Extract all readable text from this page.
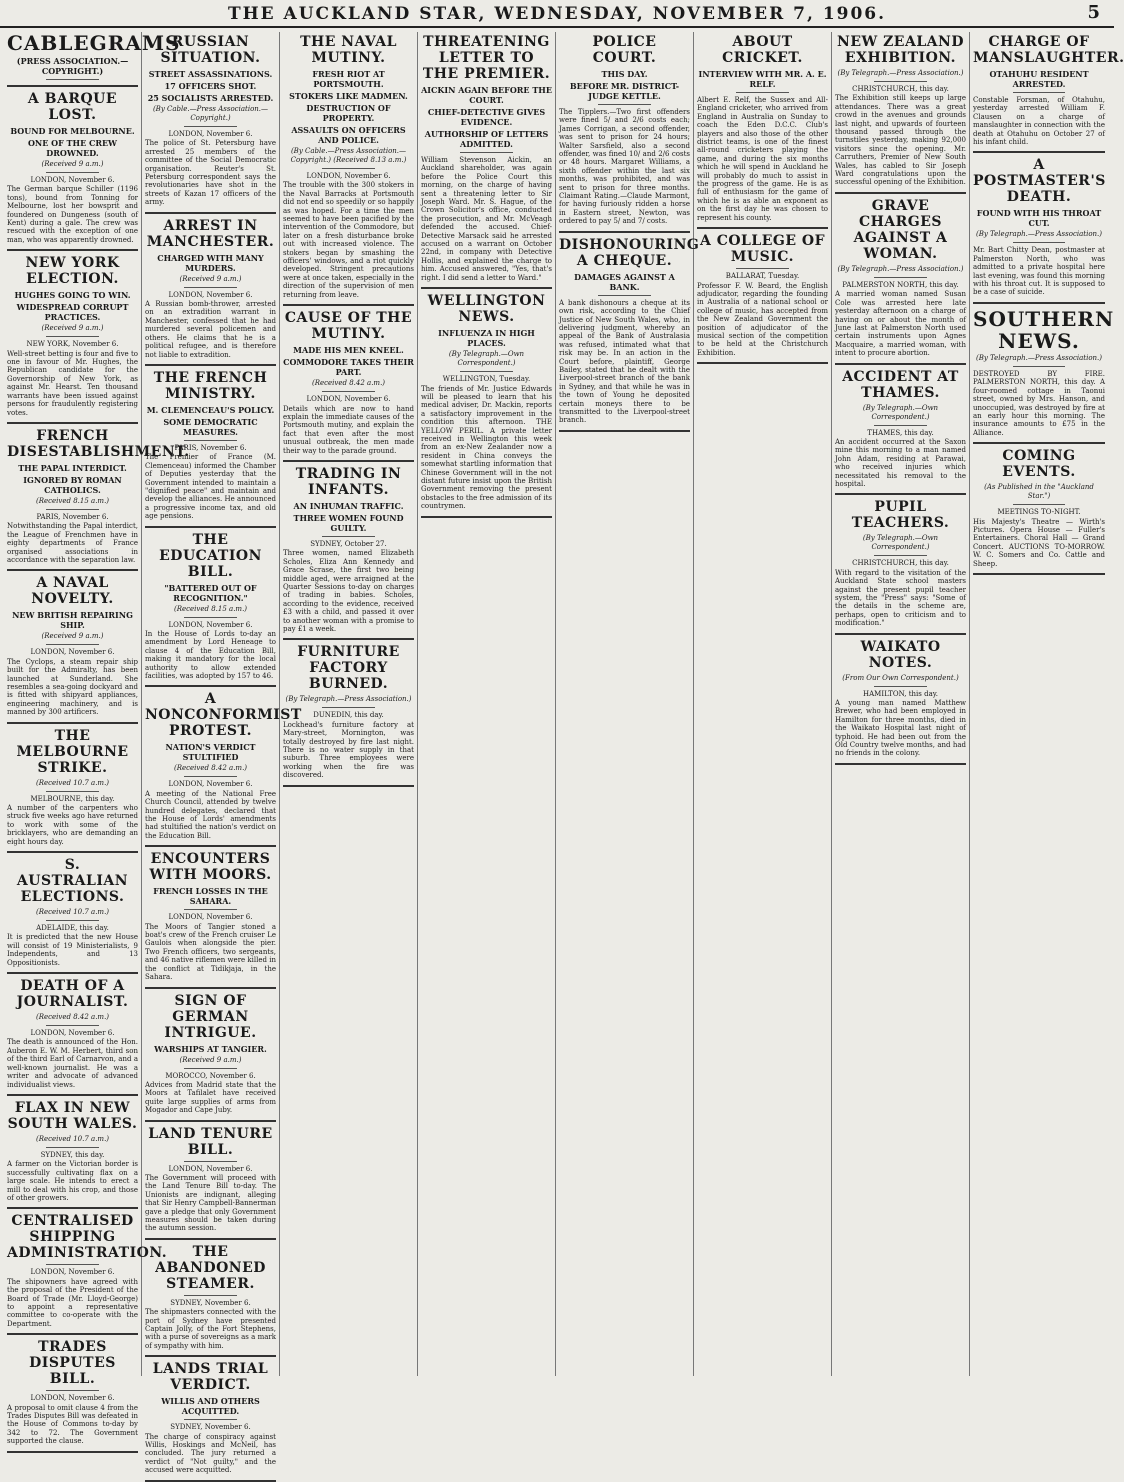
THE AUCKLAND STAR, WEDNESDAY, NOVEMBER 7, 1906.	5
CABLEGRAMS
(PRESS ASSOCIATION.—COPYRIGHT.)

A BARQUE LOST.
BOUND FOR MELBOURNE.
ONE OF THE CREW DROWNED.
(Received 9 a.m.)
LONDON, November 6.

The German barque Schiller (1196 tons), bound from Tonning for Melbourne, lost her bowsprit and foundered on Dungeness (south of Kent) during a gale. The crew was rescued with the exception of one man, who was apparently drowned.

NEW YORK ELECTION.
HUGHES GOING TO WIN.
WIDESPREAD CORRUPT PRACTICES.
(Received 9 a.m.)
NEW YORK, November 6.

Well-street betting is four and five to one in favour of Mr. Hughes, the Republican candidate for the Governorship of New York, as against Mr. Hearst. Ten thousand warrants have been issued against persons for fraudulently registering votes.

FRENCH DISESTABLISHMENT.
THE PAPAL INTERDICT.
IGNORED BY ROMAN CATHOLICS.
(Received 8.15 a.m.)
PARIS, November 6.

Notwithstanding the Papal interdict, the League of Frenchmen have in eighty departments of France organised associations in accordance with the separation law.

A NAVAL NOVELTY.
NEW BRITISH REPAIRING SHIP.
(Received 9 a.m.)
LONDON, November 6.

The Cyclops, a steam repair ship built for the Admiralty, has been launched at Sunderland. She resembles a sea-going dockyard and is fitted with shipyard appliances, engineering machinery, and is manned by 300 artificers.

THE MELBOURNE STRIKE.
(Received 10.7 a.m.)
MELBOURNE, this day.

A number of the carpenters who struck five weeks ago have returned to work with some of the bricklayers, who are demanding an eight hours day.

S. AUSTRALIAN ELECTIONS.
(Received 10.7 a.m.)
ADELAIDE, this day.

It is predicted that the new House will consist of 19 Ministerialists, 9 Independents, and 13 Oppositionists.

DEATH OF A JOURNALIST.
(Received 8.42 a.m.)
LONDON, November 6.

The death is announced of the Hon. Auberon E. W. M. Herbert, third son of the third Earl of Carnarvon, and a well-known journalist. He was a writer and advocate of advanced individualist views.

FLAX IN NEW SOUTH WALES.
(Received 10.7 a.m.)
SYDNEY, this day.

A farmer on the Victorian border is successfully cultivating flax on a large scale. He intends to erect a mill to deal with his crop, and those of other growers.

CENTRALISED SHIPPING ADMINISTRATION.
LONDON, November 6.

The shipowners have agreed with the proposal of the President of the Board of Trade (Mr. Lloyd-George) to appoint a representative committee to co-operate with the Department.

TRADES DISPUTES BILL.
LONDON, November 6.

A proposal to omit clause 4 from the Trades Disputes Bill was defeated in the House of Commons to-day by 342 to 72. The Government supported the clause.

RUSSIAN SITUATION.
STREET ASSASSINATIONS.
17 OFFICERS SHOT.
25 SOCIALISTS ARRESTED.
(By Cable.—Press Association.—Copyright.)
LONDON, November 6.

The police of St. Petersburg have arrested 25 members of the committee of the Social Democratic organisation. Reuter's St. Petersburg correspondent says the revolutionaries have shot in the streets of Kazan 17 officers of the army.

ARREST IN MANCHESTER.
CHARGED WITH MANY MURDERS.
(Received 9 a.m.)
LONDON, November 6.

A Russian bomb-thrower, arrested on an extradition warrant in Manchester, confessed that he had murdered several policemen and others. He claims that he is a political refugee, and is therefore not liable to extradition.

THE FRENCH MINISTRY.
M. CLEMENCEAU'S POLICY.
SOME DEMOCRATIC MEASURES.
PARIS, November 6.

The Premier of France (M. Clemenceau) informed the Chamber of Deputies yesterday that the Government intended to maintain a "dignified peace" and maintain and develop the alliances. He announced a progressive income tax, and old age pensions.

THE EDUCATION BILL.
"BATTERED OUT OF RECOGNITION."
(Received 8.15 a.m.)
LONDON, November 6.

In the House of Lords to-day an amendment by Lord Heneage to clause 4 of the Education Bill, making it mandatory for the local authority to allow extended facilities, was adopted by 157 to 46.

A NONCONFORMIST PROTEST.
NATION'S VERDICT STULTIFIED
(Received 8.42 a.m.)
LONDON, November 6.

A meeting of the National Free Church Council, attended by twelve hundred delegates, declared that the House of Lords' amendments had stultified the nation's verdict on the Education Bill.

ENCOUNTERS WITH MOORS.
FRENCH LOSSES IN THE SAHARA.
LONDON, November 6.

The Moors of Tangier stoned a boat's crew of the French cruiser Le Gaulois when alongside the pier. Two French officers, two sergeants, and 46 native riflemen were killed in the conflict at Tidikjaja, in the Sahara.

SIGN OF GERMAN INTRIGUE.
WARSHIPS AT TANGIER.
(Received 9 a.m.)
MOROCCO, November 6.

Advices from Madrid state that the Moors at Tafilalet have received quite large supplies of arms from Mogador and Cape Juby.

LAND TENURE BILL.
LONDON, November 6.

The Government will proceed with the Land Tenure Bill to-day. The Unionists are indignant, alleging that Sir Henry Campbell-Bannerman gave a pledge that only Government measures should be taken during the autumn session.

THE ABANDONED STEAMER.
SYDNEY, November 6.

The shipmasters connected with the port of Sydney have presented Captain Jolly, of the Fort Stephens, with a purse of sovereigns as a mark of sympathy with him.

LANDS TRIAL VERDICT.
WILLIS AND OTHERS ACQUITTED.
SYDNEY, November 6.

The charge of conspiracy against Willis, Hoskings and McNeil, has concluded. The jury returned a verdict of "Not guilty," and the accused were acquitted.

THE NAVAL MUTINY.
FRESH RIOT AT PORTSMOUTH.
STOKERS LIKE MADMEN.
DESTRUCTION OF PROPERTY.
ASSAULTS ON OFFICERS AND POLICE.
(By Cable.—Press Association.—Copyright.) (Received 8.13 a.m.)
LONDON, November 6.

The trouble with the 300 stokers in the Naval Barracks at Portsmouth did not end so speedily or so happily as was hoped. For a time the men seemed to have been pacified by the intervention of the Commodore, but later on a fresh disturbance broke out with increased violence. The stokers began by smashing the officers' windows, and a riot quickly developed. Stringent precautions were at once taken, especially in the direction of the supervision of men returning from leave.

CAUSE OF THE MUTINY.
MADE HIS MEN KNEEL.
COMMODORE TAKES THEIR PART.
(Received 8.42 a.m.)
LONDON, November 6.

Details which are now to hand explain the immediate causes of the Portsmouth mutiny, and explain the fact that even after the most unusual outbreak, the men made their way to the parade ground.

TRADING IN INFANTS.
AN INHUMAN TRAFFIC.
THREE WOMEN FOUND GUILTY.
SYDNEY, October 27.

Three women, named Elizabeth Scholes, Eliza Ann Kennedy and Grace Scrase, the first two being middle aged, were arraigned at the Quarter Sessions to-day on charges of trading in babies. Scholes, according to the evidence, received £3 with a child, and passed it over to another woman with a promise to pay £1 a week.

FURNITURE FACTORY BURNED.
(By Telegraph.—Press Association.)
DUNEDIN, this day.

Lockhead's furniture factory at Mary-street, Mornington, was totally destroyed by fire last night. There is no water supply in that suburb. Three employees were working when the fire was discovered.

THREATENING LETTER TO THE PREMIER.
AICKIN AGAIN BEFORE THE COURT.
CHIEF-DETECTIVE GIVES EVIDENCE.
AUTHORSHIP OF LETTERS ADMITTED.

William Stevenson Aickin, an Auckland shareholder, was again before the Police Court this morning, on the charge of having sent a threatening letter to Sir Joseph Ward. Mr. S. Hague, of the Crown Solicitor's office, conducted the prosecution, and Mr. McVeagh defended the accused. Chief-Detective Marsack said he arrested accused on a warrant on October 22nd, in company with Detective Hollis, and explained the charge to him. Accused answered, "Yes, that's right. I did send a letter to Ward."

WELLINGTON NEWS.
INFLUENZA IN HIGH PLACES.
(By Telegraph.—Own Correspondent.)
WELLINGTON, Tuesday.

The friends of Mr. Justice Edwards will be pleased to learn that his medical adviser, Dr. Mackin, reports a satisfactory improvement in the condition this afternoon. THE YELLOW PERIL. A private letter received in Wellington this week from an ex-New Zealander now a resident in China conveys the somewhat startling information that Chinese Government will in the not distant future insist upon the British Government removing the present obstacles to the free admission of its countrymen.

POLICE COURT.
THIS DAY.
BEFORE MR. DISTRICT-JUDGE KETTLE.

The Tipplers.—Two first offenders were fined 5/ and 2/6 costs each; James Corrigan, a second offender, was sent to prison for 24 hours; Walter Sarsfield, also a second offender, was fined 10/ and 2/6 costs or 48 hours. Margaret Williams, a sixth offender within the last six months, was prohibited, and was sent to prison for three months. Claimant Rating.—Claude Marmont, for having furiously ridden a horse in Eastern street, Newton, was ordered to pay 5/ and 7/ costs.

DISHONOURING A CHEQUE.
DAMAGES AGAINST A BANK.

A bank dishonours a cheque at its own risk, according to the Chief Justice of New South Wales, who, in delivering judgment, whereby an appeal of the Bank of Australasia was refused, intimated what that risk may be. In an action in the Court before, plaintiff, George Bailey, stated that he dealt with the Liverpool-street branch of the bank in Sydney, and that while he was in the town of Young he deposited certain moneys there to be transmitted to the Liverpool-street branch.

ABOUT CRICKET.
INTERVIEW WITH MR. A. E. RELF.

Albert E. Relf, the Sussex and All-England cricketer, who arrived from England in Australia on Sunday to coach the Eden D.C.C. Club's players and also those of the other district teams, is one of the finest all-round cricketers playing the game, and during the six months which he will spend in Auckland he will probably do much to assist in the progress of the game. He is as full of enthusiasm for the game of which he is as able an exponent as on the first day he was chosen to represent his county.

A COLLEGE OF MUSIC.
BALLARAT, Tuesday.

Professor F. W. Beard, the English adjudicator, regarding the founding in Australia of a national school or college of music, has accepted from the New Zealand Government the position of adjudicator of the musical section of the competition to be held at the Christchurch Exhibition.

NEW ZEALAND EXHIBITION.
(By Telegraph.—Press Association.)
CHRISTCHURCH, this day.

The Exhibition still keeps up large attendances. There was a great crowd in the avenues and grounds last night, and upwards of fourteen thousand passed through the turnstiles yesterday, making 92,000 visitors since the opening. Mr. Carruthers, Premier of New South Wales, has cabled to Sir Joseph Ward congratulations upon the successful opening of the Exhibition.

GRAVE CHARGES AGAINST A WOMAN.
(By Telegraph.—Press Association.)
PALMERSTON NORTH, this day.

A married woman named Susan Cole was arrested here late yesterday afternoon on a charge of having on or about the month of June last at Palmerston North used certain instruments upon Agnes Macquaire, a married woman, with intent to procure abortion.

ACCIDENT AT THAMES.
(By Telegraph.—Own Correspondent.)
THAMES, this day.

An accident occurred at the Saxon mine this morning to a man named John Adam, residing at Parawai, who received injuries which necessitated his removal to the hospital.

PUPIL TEACHERS.
(By Telegraph.—Own Correspondent.)
CHRISTCHURCH, this day.

With regard to the visitation of the Auckland State school masters against the present pupil teacher system, the "Press" says: "Some of the details in the scheme are, perhaps, open to criticism and to modification."

WAIKATO NOTES.
(From Our Own Correspondent.)
HAMILTON, this day.

A young man named Matthew Brewer, who had been employed in Hamilton for three months, died in the Waikato Hospital last night of typhoid. He had been out from the Old Country twelve months, and had no friends in the colony.

CHARGE OF MANSLAUGHTER.
OTAHUHU RESIDENT ARRESTED.

Constable Forsman, of Otahuhu, yesterday arrested William F. Clausen on a charge of manslaughter in connection with the death at Otahuhu on October 27 of his infant child.

A POSTMASTER'S DEATH.
FOUND WITH HIS THROAT CUT.
(By Telegraph.—Press Association.)

Mr. Bart Chitty Dean, postmaster at Palmerston North, who was admitted to a private hospital here last evening, was found this morning with his throat cut. It is supposed to be a case of suicide.

SOUTHERN NEWS.
(By Telegraph.—Press Association.)

DESTROYED BY FIRE. PALMERSTON NORTH, this day. A four-roomed cottage in Taonui street, owned by Mrs. Hanson, and unoccupied, was destroyed by fire at an early hour this morning. The insurance amounts to £75 in the Alliance.

COMING EVENTS.
(As Published in the "Auckland Star.")
MEETINGS TO-NIGHT.

His Majesty's Theatre — Wirth's Pictures. Opera House — Fuller's Entertainers. Choral Hall — Grand Concert. AUCTIONS TO-MORROW. W. C. Somers and Co. Cattle and Sheep.
